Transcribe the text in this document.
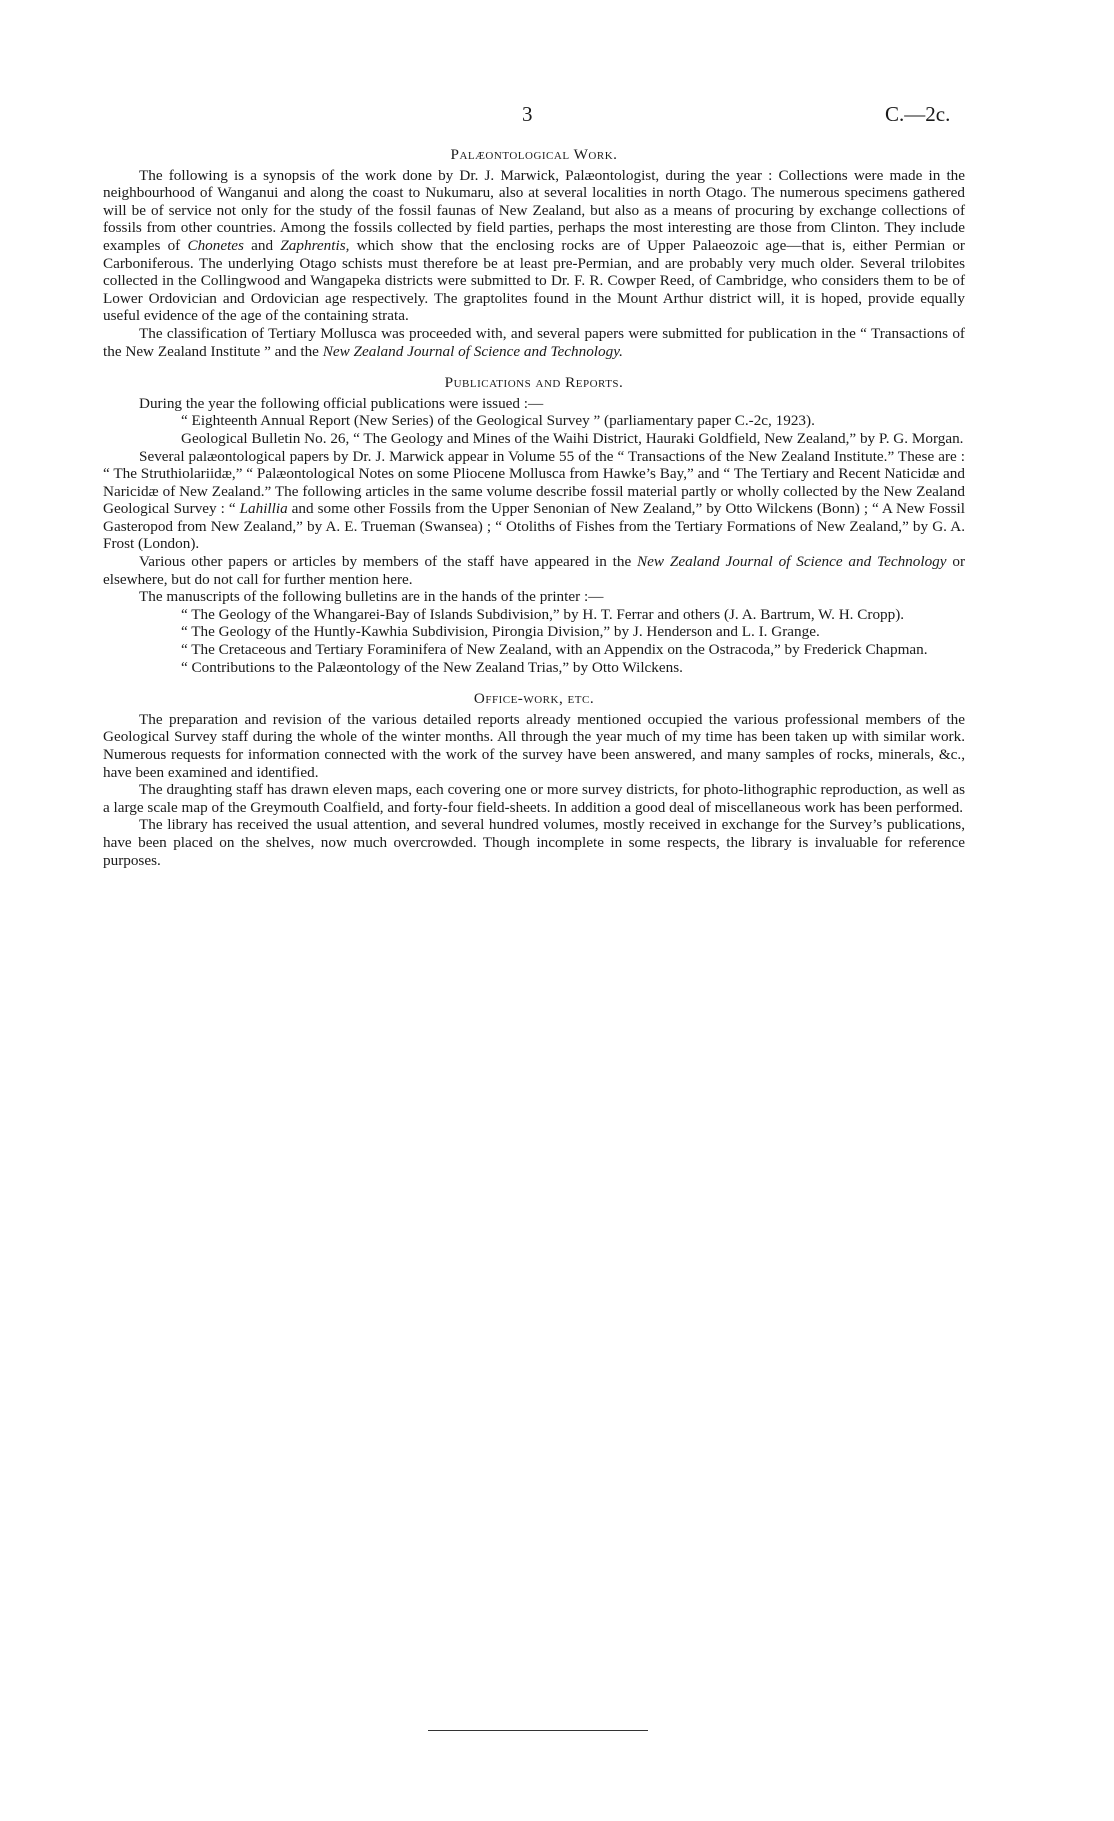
3	C.—2c.
Palæontological Work.

The following is a synopsis of the work done by Dr. J. Marwick, Palæontologist, during the year : Collections were made in the neighbourhood of Wanganui and along the coast to Nukumaru, also at several localities in north Otago. The numerous specimens gathered will be of service not only for the study of the fossil faunas of New Zealand, but also as a means of procuring by exchange collections of fossils from other countries. Among the fossils collected by field parties, perhaps the most interesting are those from Clinton. They include examples of Chonetes and Zaphrentis, which show that the enclosing rocks are of Upper Palaeozoic age—that is, either Permian or Carboniferous. The underlying Otago schists must therefore be at least pre-Permian, and are probably very much older. Several trilobites collected in the Collingwood and Wangapeka districts were submitted to Dr. F. R. Cowper Reed, of Cambridge, who considers them to be of Lower Ordovician and Ordovician age respectively. The graptolites found in the Mount Arthur district will, it is hoped, provide equally useful evidence of the age of the containing strata.

The classification of Tertiary Mollusca was proceeded with, and several papers were submitted for publication in the “ Transactions of the New Zealand Institute ” and the New Zealand Journal of Science and Technology.

Publications and Reports.

During the year the following official publications were issued :—

“ Eighteenth Annual Report (New Series) of the Geological Survey ” (parliamentary paper C.-2c, 1923).
Geological Bulletin No. 26, “ The Geology and Mines of the Waihi District, Hauraki Goldfield, New Zealand,” by P. G. Morgan.

Several palæontological papers by Dr. J. Marwick appear in Volume 55 of the “ Transactions of the New Zealand Institute.” These are : “ The Struthiolariidæ,” “ Palæontological Notes on some Pliocene Mollusca from Hawke’s Bay,” and “ The Tertiary and Recent Naticidæ and Naricidæ of New Zealand.” The following articles in the same volume describe fossil material partly or wholly collected by the New Zealand Geological Survey : “ Lahillia and some other Fossils from the Upper Senonian of New Zealand,” by Otto Wilckens (Bonn) ; “ A New Fossil Gasteropod from New Zealand,” by A. E. Trueman (Swansea) ; “ Otoliths of Fishes from the Tertiary Formations of New Zealand,” by G. A. Frost (London).

Various other papers or articles by members of the staff have appeared in the New Zealand Journal of Science and Technology or elsewhere, but do not call for further mention here.

The manuscripts of the following bulletins are in the hands of the printer :—

“ The Geology of the Whangarei-Bay of Islands Subdivision,” by H. T. Ferrar and others (J. A. Bartrum, W. H. Cropp).
“ The Geology of the Huntly-Kawhia Subdivision, Pirongia Division,” by J. Henderson and L. I. Grange.
“ The Cretaceous and Tertiary Foraminifera of New Zealand, with an Appendix on the Ostracoda,” by Frederick Chapman.
“ Contributions to the Palæontology of the New Zealand Trias,” by Otto Wilckens.
Office-work, etc.

The preparation and revision of the various detailed reports already mentioned occupied the various professional members of the Geological Survey staff during the whole of the winter months. All through the year much of my time has been taken up with similar work. Numerous requests for information connected with the work of the survey have been answered, and many samples of rocks, minerals, &c., have been examined and identified.

The draughting staff has drawn eleven maps, each covering one or more survey districts, for photo-lithographic reproduction, as well as a large scale map of the Greymouth Coalfield, and forty-four field-sheets. In addition a good deal of miscellaneous work has been performed.

The library has received the usual attention, and several hundred volumes, mostly received in exchange for the Survey’s publications, have been placed on the shelves, now much overcrowded. Though incomplete in some respects, the library is invaluable for reference purposes.
